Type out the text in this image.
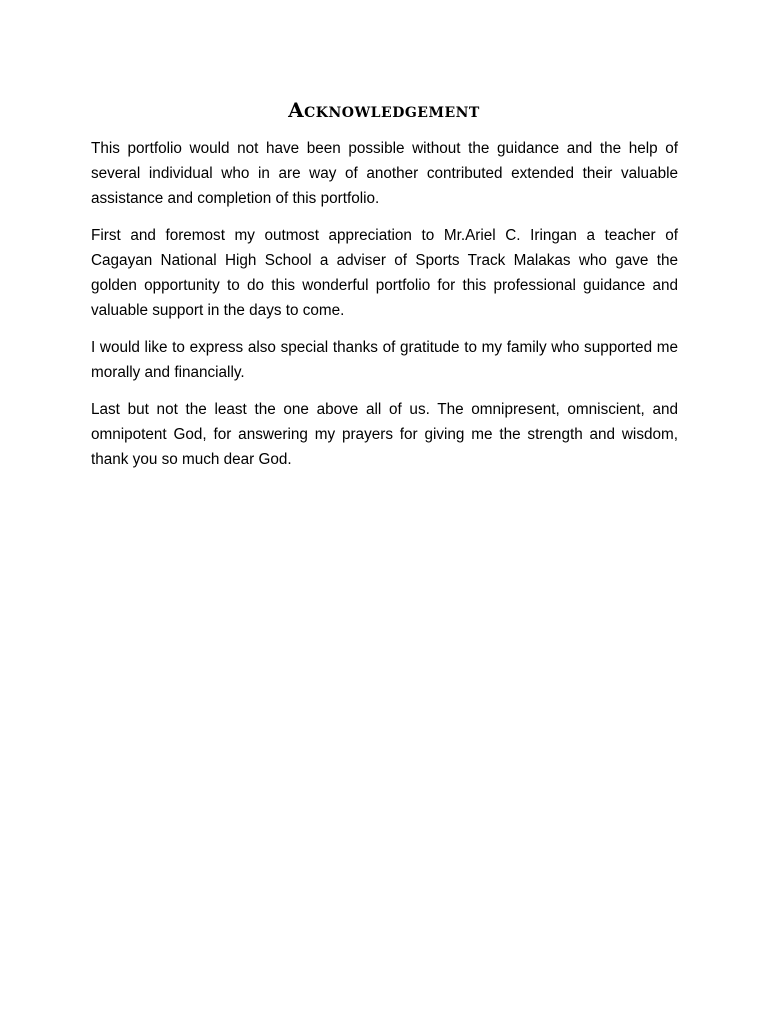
Acknowledgement

This portfolio would not have been possible without the guidance and the help of several individual who in are way of another contributed extended their valuable assistance and completion of this portfolio.

First and foremost my outmost appreciation to Mr.Ariel C. Iringan a teacher of Cagayan National High School a adviser of Sports Track Malakas who gave the golden opportunity to do this wonderful portfolio for this professional guidance and valuable support in the days to come.

I would like to express also special thanks of gratitude to my family who supported me morally and financially.

Last but not the least the one above all of us. The omnipresent, omniscient, and omnipotent God, for answering my prayers for giving me the strength and wisdom, thank you so much dear God.
